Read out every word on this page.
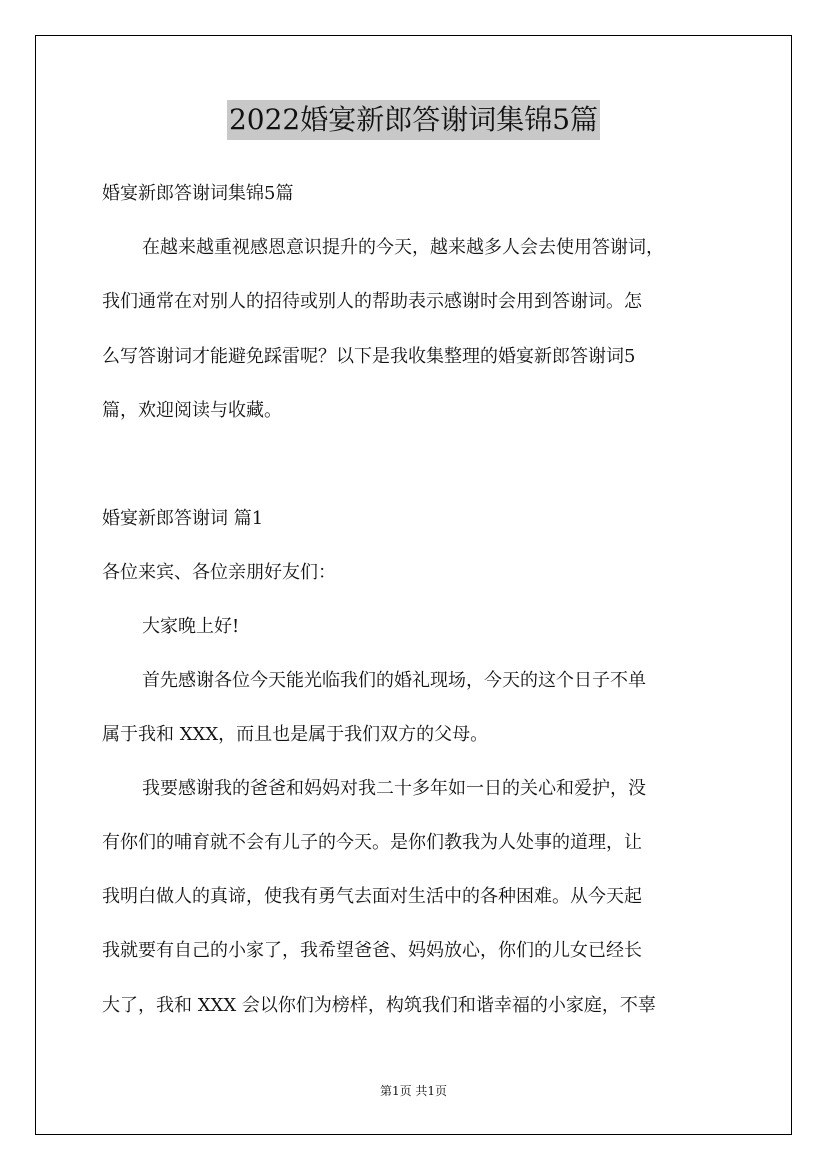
2022婚宴新郎答谢词集锦5篇
婚宴新郎答谢词集锦5篇
在越来越重视感恩意识提升的今天，越来越多人会去使用答谢词，
我们通常在对别人的招待或别人的帮助表示感谢时会用到答谢词。怎
么写答谢词才能避免踩雷呢？以下是我收集整理的婚宴新郎答谢词5
篇，欢迎阅读与收藏。
婚宴新郎答谢词 篇1
各位来宾、各位亲朋好友们：
大家晚上好!
首先感谢各位今天能光临我们的婚礼现场，今天的这个日子不单
属于我和 XXX，而且也是属于我们双方的父母。
我要感谢我的爸爸和妈妈对我二十多年如一日的关心和爱护，没
有你们的哺育就不会有儿子的今天。是你们教我为人处事的道理，让
我明白做人的真谛，使我有勇气去面对生活中的各种困难。从今天起
我就要有自己的小家了，我希望爸爸、妈妈放心，你们的儿女已经长
大了，我和 XXX 会以你们为榜样，构筑我们和谐幸福的小家庭，不辜
第1页 共1页
